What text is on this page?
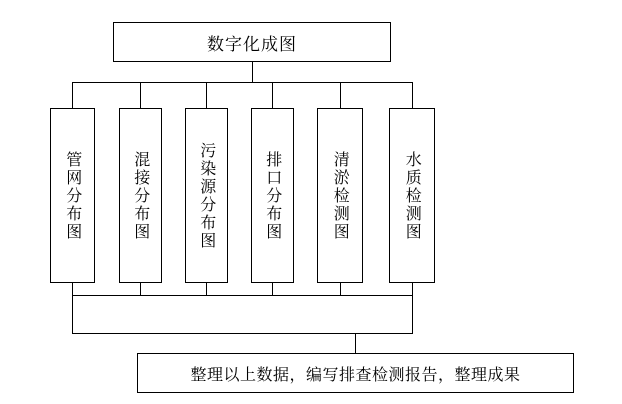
数字化成图
管网分布图	混接分布图	污染源分布图	排口分布图	清淤检测图	水质检测图
整理以上数据，编写排查检测报告，整理成果
